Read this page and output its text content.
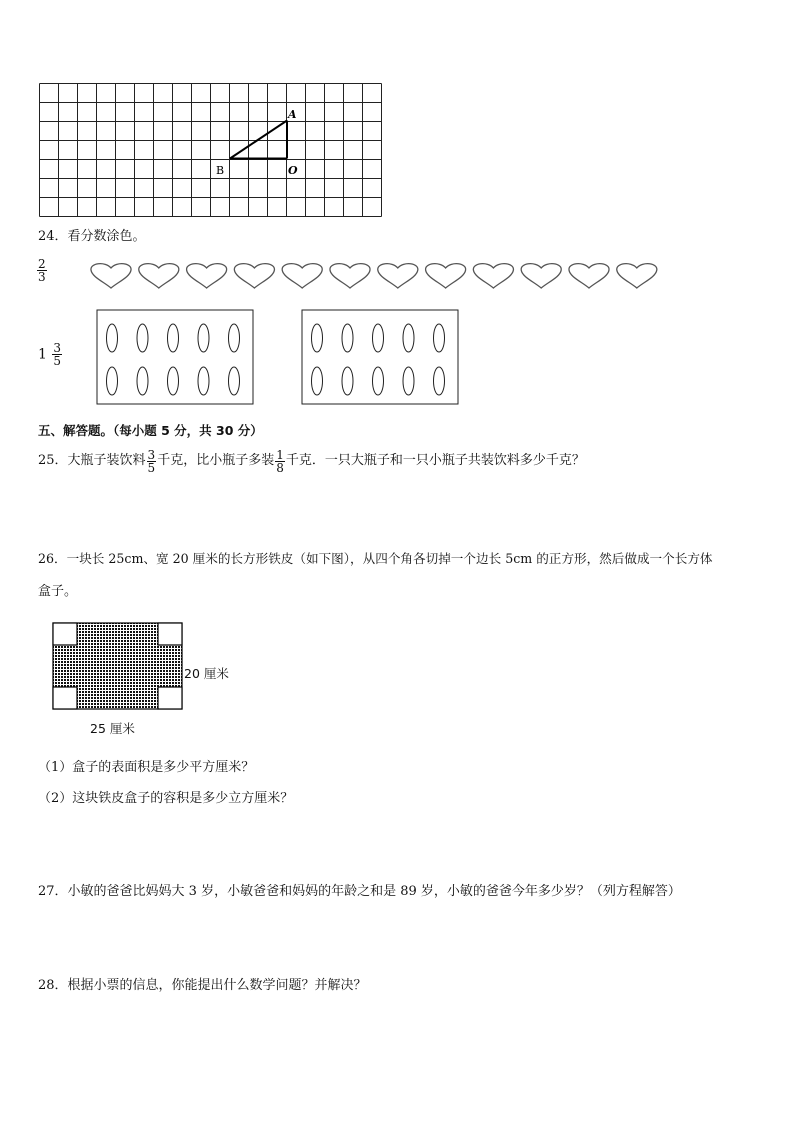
A
B	O
24．看分数涂色。
$\frac{2}{3}$
$1 \frac{3}{5}$
五、解答题。（每小题 5 分，共 30 分）
25．大瓶子装饮料 $\frac{3}{5}$ 千克，比小瓶子多装 $\frac{1}{8}$ 千克．一只大瓶子和一只小瓶子共装饮料多少千克？
26．一块长 25cm、宽 20 厘米的长方形铁皮（如下图），从四个角各切掉一个边长 5cm 的正方形，然后做成一个长方体
盒子。
20 厘米
25 厘米
（1）盒子的表面积是多少平方厘米？
（2）这块铁皮盒子的容积是多少立方厘米？
27．小敏的爸爸比妈妈大 3 岁，小敏爸爸和妈妈的年龄之和是 89 岁，小敏的爸爸今年多少岁？（列方程解答）
28．根据小票的信息，你能提出什么数学问题？并解决？
